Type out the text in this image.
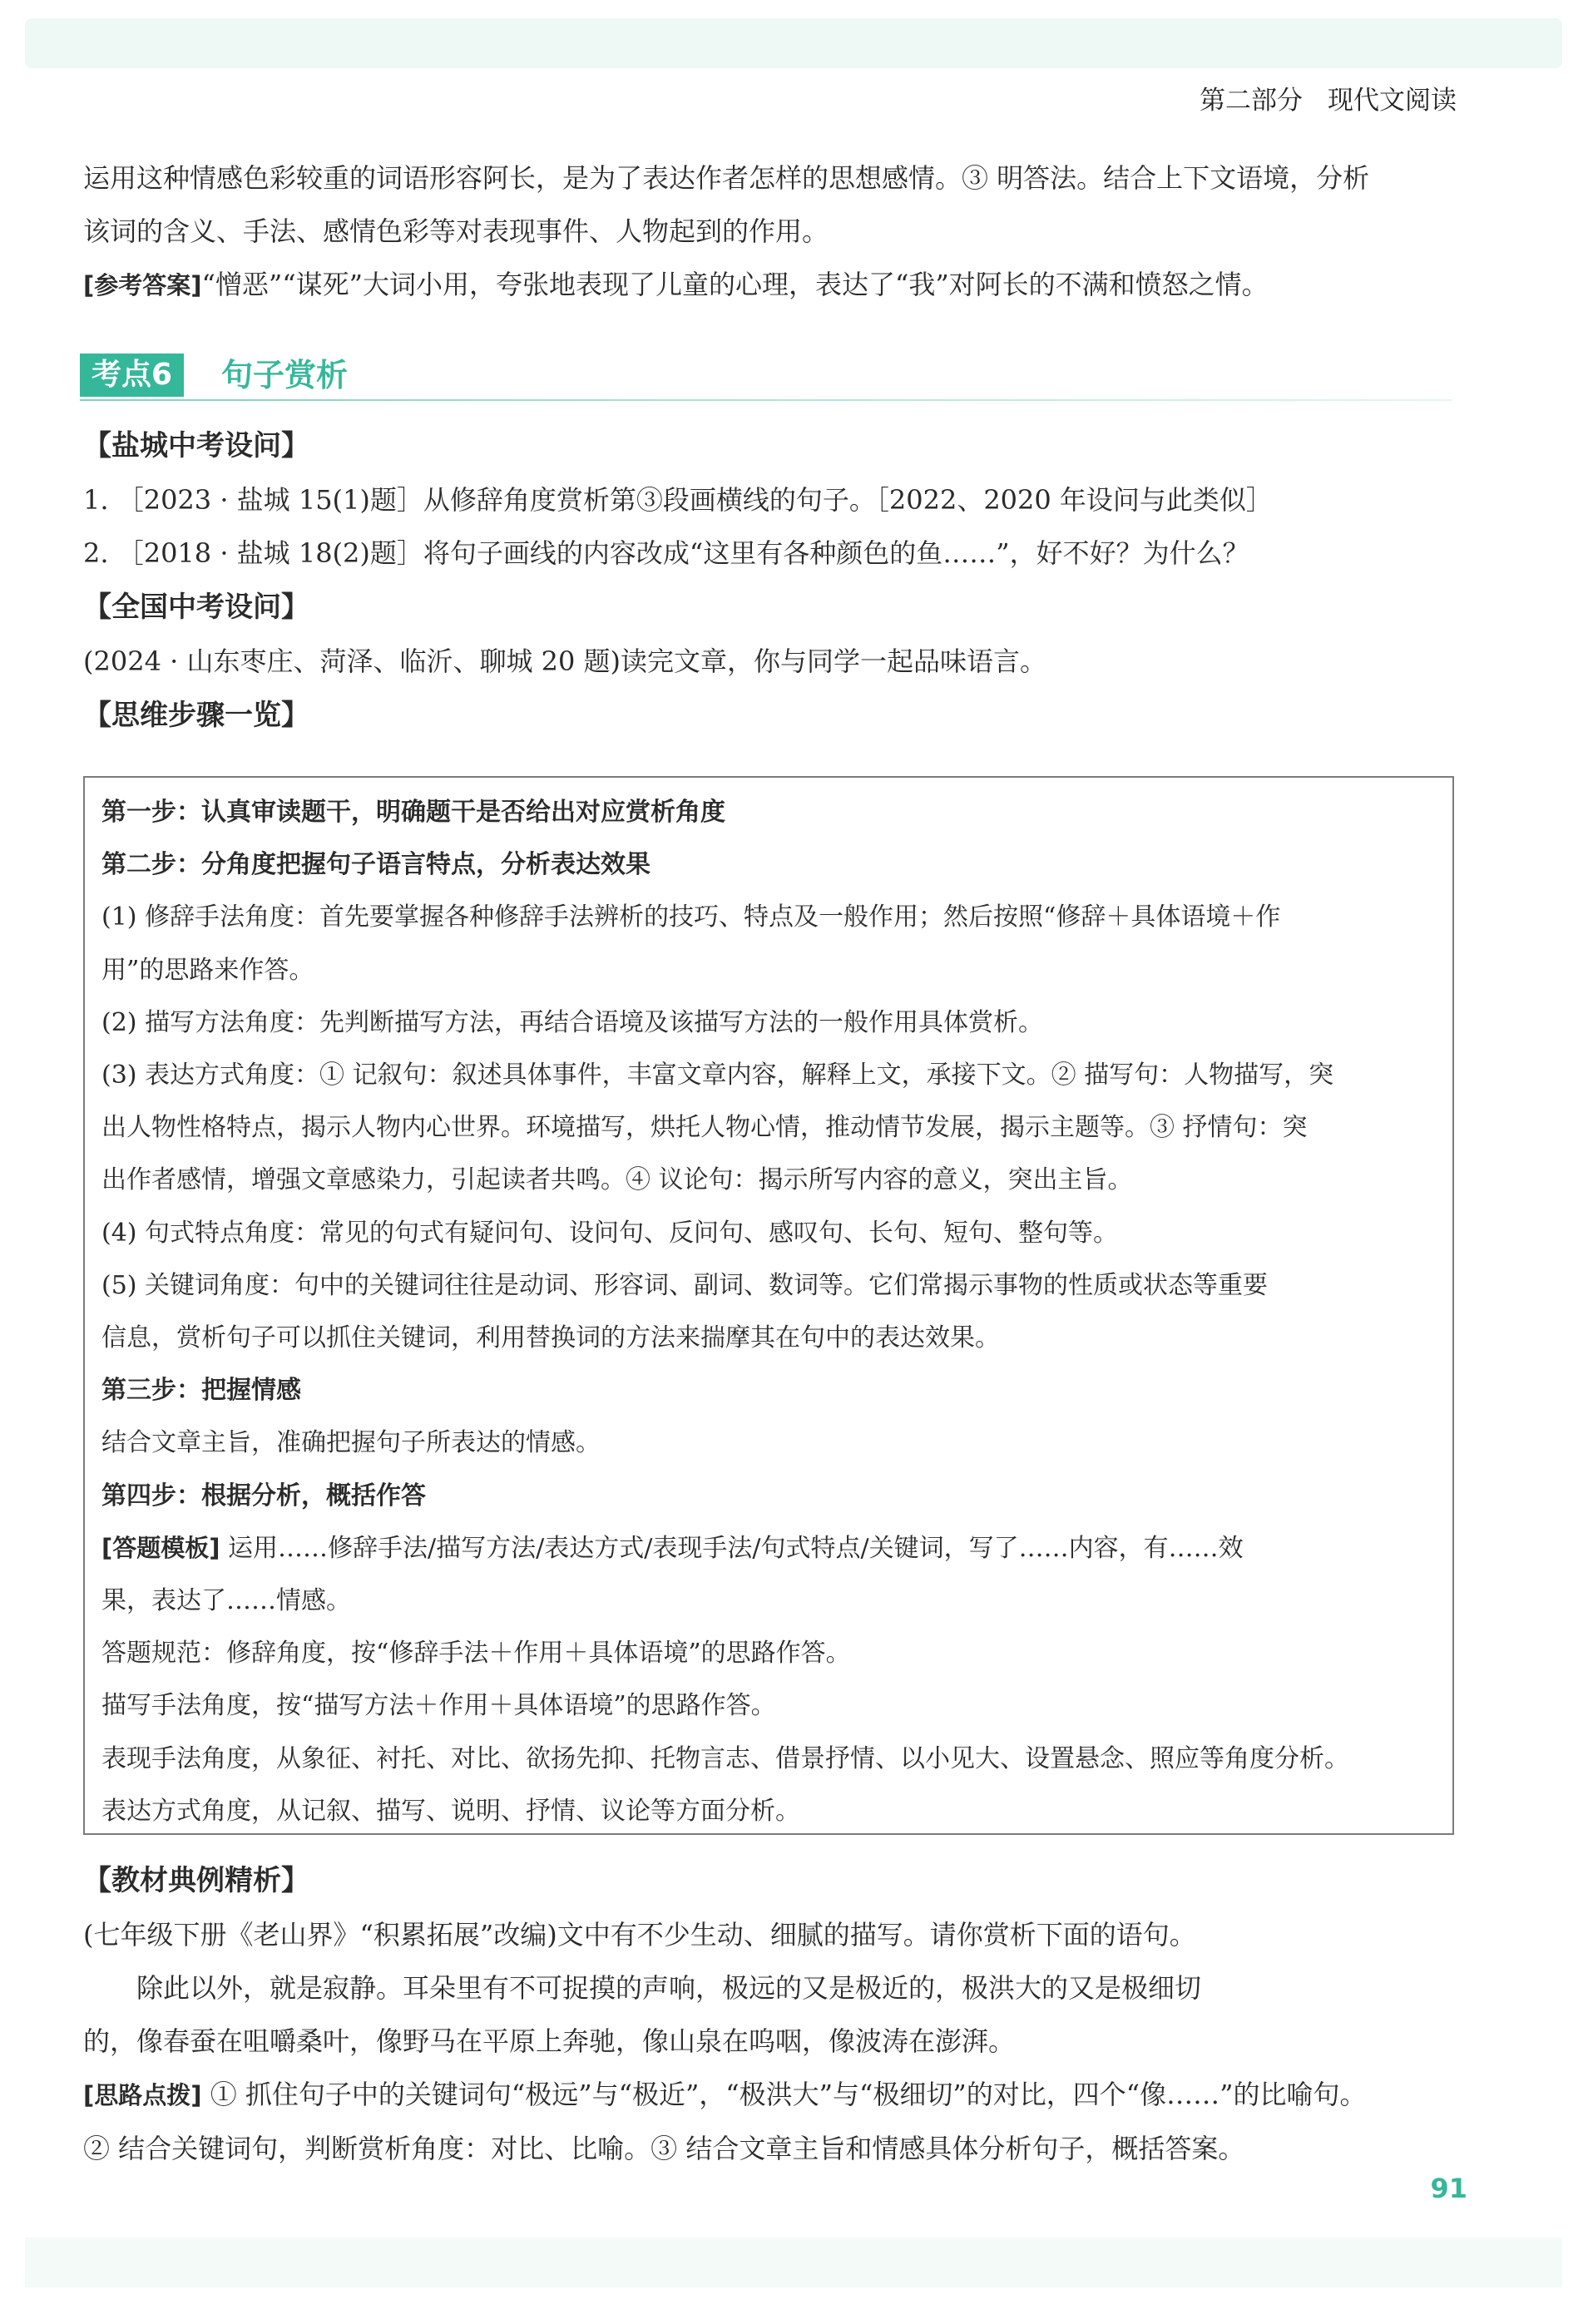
第二部分 现代文阅读
运用这种情感色彩较重的词语形容阿长，是为了表达作者怎样的思想感情。③ 明答法。结合上下文语境，分析
该词的含义、手法、感情色彩等对表现事件、人物起到的作用。
[参考答案]“憎恶”“谋死”大词小用，夸张地表现了儿童的心理，表达了“我”对阿长的不满和愤怒之情。
考点6	句子赏析
【盐城中考设问】
1. ［2023 · 盐城 15(1)题］从修辞角度赏析第③段画横线的句子。［2022、2020 年设问与此类似］
2. ［2018 · 盐城 18(2)题］将句子画线的内容改成“这里有各种颜色的鱼……”，好不好？为什么？
【全国中考设问】
(2024 · 山东枣庄、菏泽、临沂、聊城 20 题)读完文章，你与同学一起品味语言。
【思维步骤一览】
第一步：认真审读题干，明确题干是否给出对应赏析角度
第二步：分角度把握句子语言特点，分析表达效果
(1) 修辞手法角度：首先要掌握各种修辞手法辨析的技巧、特点及一般作用；然后按照“修辞＋具体语境＋作
用”的思路来作答。
(2) 描写方法角度：先判断描写方法，再结合语境及该描写方法的一般作用具体赏析。
(3) 表达方式角度：① 记叙句：叙述具体事件，丰富文章内容，解释上文，承接下文。② 描写句：人物描写，突
出人物性格特点，揭示人物内心世界。环境描写，烘托人物心情，推动情节发展，揭示主题等。③ 抒情句：突
出作者感情，增强文章感染力，引起读者共鸣。④ 议论句：揭示所写内容的意义，突出主旨。
(4) 句式特点角度：常见的句式有疑问句、设问句、反问句、感叹句、长句、短句、整句等。
(5) 关键词角度：句中的关键词往往是动词、形容词、副词、数词等。它们常揭示事物的性质或状态等重要
信息，赏析句子可以抓住关键词，利用替换词的方法来揣摩其在句中的表达效果。
第三步：把握情感
结合文章主旨，准确把握句子所表达的情感。
第四步：根据分析，概括作答
[答题模板] 运用……修辞手法/描写方法/表达方式/表现手法/句式特点/关键词，写了……内容，有……效
果，表达了……情感。
答题规范：修辞角度，按“修辞手法＋作用＋具体语境”的思路作答。
描写手法角度，按“描写方法＋作用＋具体语境”的思路作答。
表现手法角度，从象征、衬托、对比、欲扬先抑、托物言志、借景抒情、以小见大、设置悬念、照应等角度分析。
表达方式角度，从记叙、描写、说明、抒情、议论等方面分析。
【教材典例精析】
(七年级下册《老山界》“积累拓展”改编)文中有不少生动、细腻的描写。请你赏析下面的语句。
除此以外，就是寂静。耳朵里有不可捉摸的声响，极远的又是极近的，极洪大的又是极细切
的，像春蚕在咀嚼桑叶，像野马在平原上奔驰，像山泉在呜咽，像波涛在澎湃。
[思路点拨] ① 抓住句子中的关键词句“极远”与“极近”，“极洪大”与“极细切”的对比，四个“像……”的比喻句。
② 结合关键词句，判断赏析角度：对比、比喻。③ 结合文章主旨和情感具体分析句子，概括答案。
91
